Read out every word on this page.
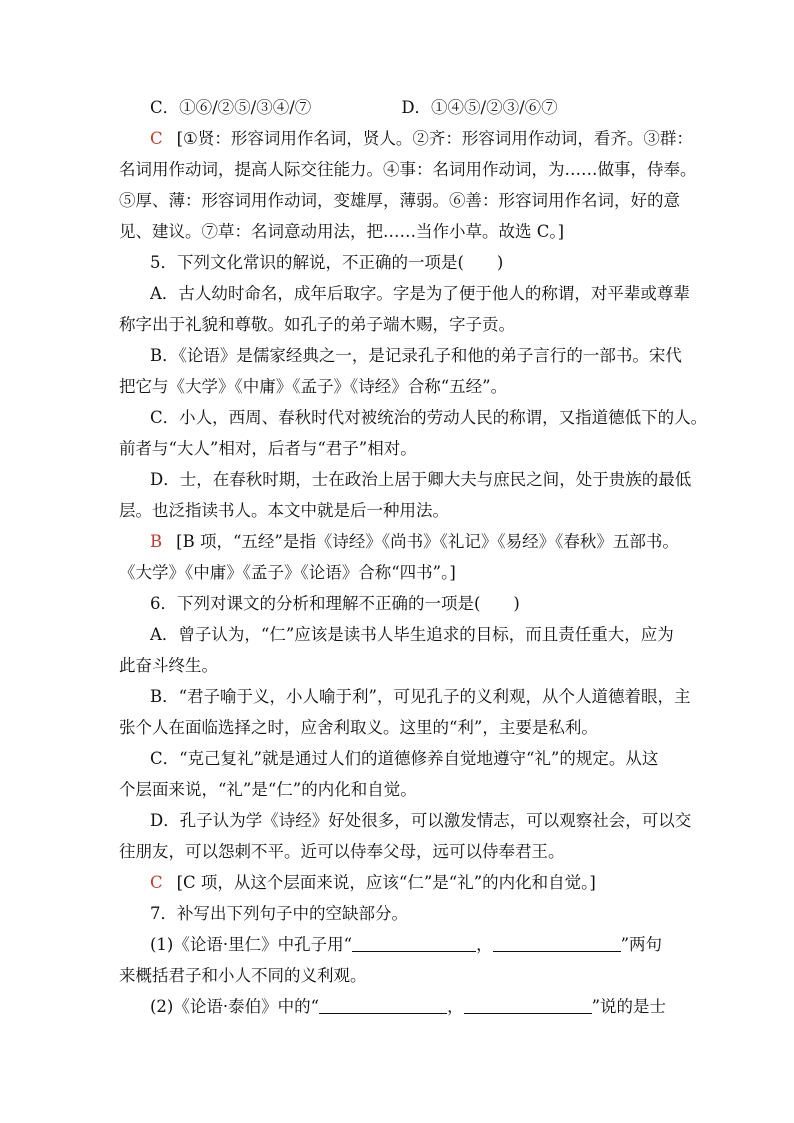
C．①⑥/②⑤/③④/⑦	D．①④⑤/②③/⑥⑦

C [①贤：形容词用作名词，贤人。②齐：形容词用作动词，看齐。③群：

名词用作动词，提高人际交往能力。④事：名词用作动词，为……做事，侍奉。

⑤厚、薄：形容词用作动词，变雄厚，薄弱。⑥善：形容词用作名词，好的意

见、建议。⑦草：名词意动用法，把……当作小草。故选 C。]

5．下列文化常识的解说，不正确的一项是(　　)

A．古人幼时命名，成年后取字。字是为了便于他人的称谓，对平辈或尊辈

称字出于礼貌和尊敬。如孔子的弟子端木赐，字子贡。

B．《论语》是儒家经典之一，是记录孔子和他的弟子言行的一部书。宋代

把它与《大学》《中庸》《孟子》《诗经》合称“五经”。

C．小人，西周、春秋时代对被统治的劳动人民的称谓，又指道德低下的人。

前者与“大人”相对，后者与“君子”相对。

D．士，在春秋时期，士在政治上居于卿大夫与庶民之间，处于贵族的最低

层。也泛指读书人。本文中就是后一种用法。

B [B 项，“五经”是指《诗经》《尚书》《礼记》《易经》《春秋》五部书。

《大学》《中庸》《孟子》《论语》合称“四书”。]

6．下列对课文的分析和理解不正确的一项是(　　)

A．曾子认为，“仁”应该是读书人毕生追求的目标，而且责任重大，应为

此奋斗终生。

B．“君子喻于义，小人喻于利”，可见孔子的义利观，从个人道德着眼，主

张个人在面临选择之时，应舍利取义。这里的“利”，主要是私利。

C．“克己复礼”就是通过人们的道德修养自觉地遵守“礼”的规定。从这

个层面来说，“礼”是“仁”的内化和自觉。

D．孔子认为学《诗经》好处很多，可以激发情志，可以观察社会，可以交

往朋友，可以怨刺不平。近可以侍奉父母，远可以侍奉君王。

C [C 项，从这个层面来说，应该“仁”是“礼”的内化和自觉。]

7．补写出下列句子中的空缺部分。

(1)《论语·里仁》中孔子用“	，	”两句

来概括君子和小人不同的义利观。

(2)《论语·泰伯》中的“	，	”说的是士
